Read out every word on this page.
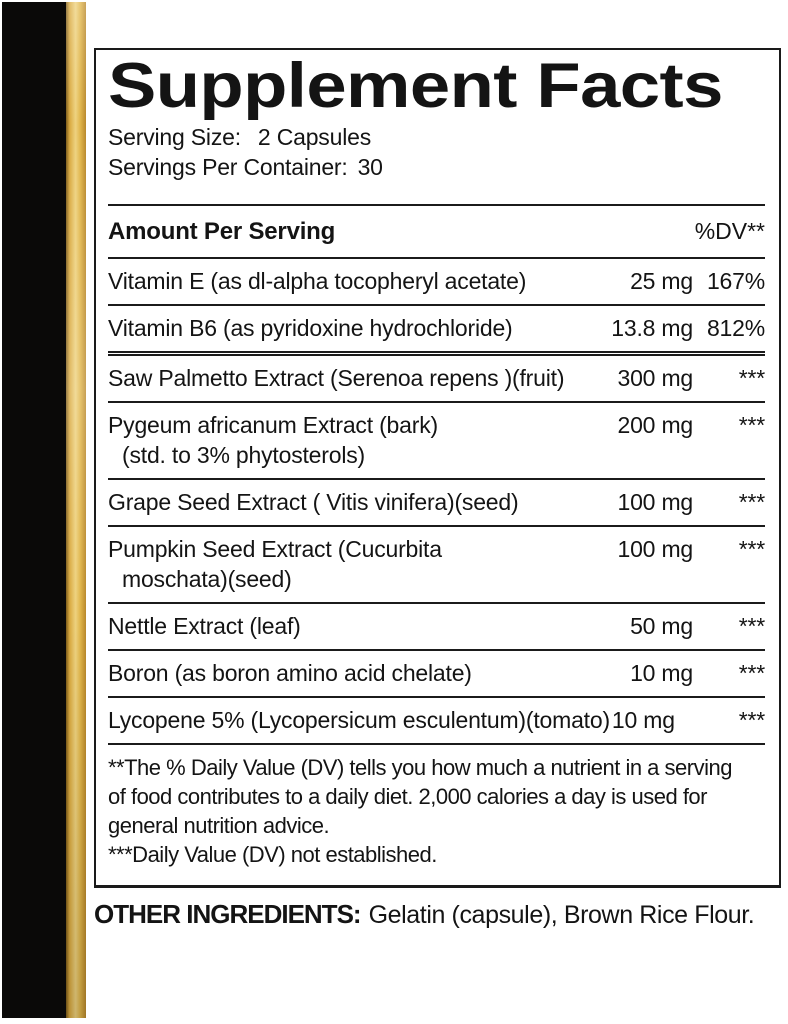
Supplement Facts
Serving Size: 2 Capsules
Servings Per Container: 30
Amount Per Serving	%DV**
Vitamin E (as dl-alpha tocopheryl acetate)	25 mg 167%
Vitamin B6 (as pyridoxine hydrochloride)	13.8 mg 812%
Saw Palmetto Extract (Serenoa repens )(fruit)	300 mg	***
Pygeum africanum Extract (bark)
(std. to 3% phytosterols)
200 mg	***
Grape Seed Extract ( Vitis vinifera)(seed)	100 mg	***
Pumpkin Seed Extract (Cucurbita
moschata)(seed)
100 mg	***
Nettle Extract (leaf)	50 mg	***
Boron (as boron amino acid chelate)	10 mg	***
Lycopene 5% (Lycopersicum esculentum)(tomato) 10 mg	***
**The % Daily Value (DV) tells you how much a nutrient in a serving
of food contributes to a daily diet. 2,000 calories a day is used for
general nutrition advice.
***Daily Value (DV) not established.
OTHER INGREDIENTS: Gelatin (capsule), Brown Rice Flour.
